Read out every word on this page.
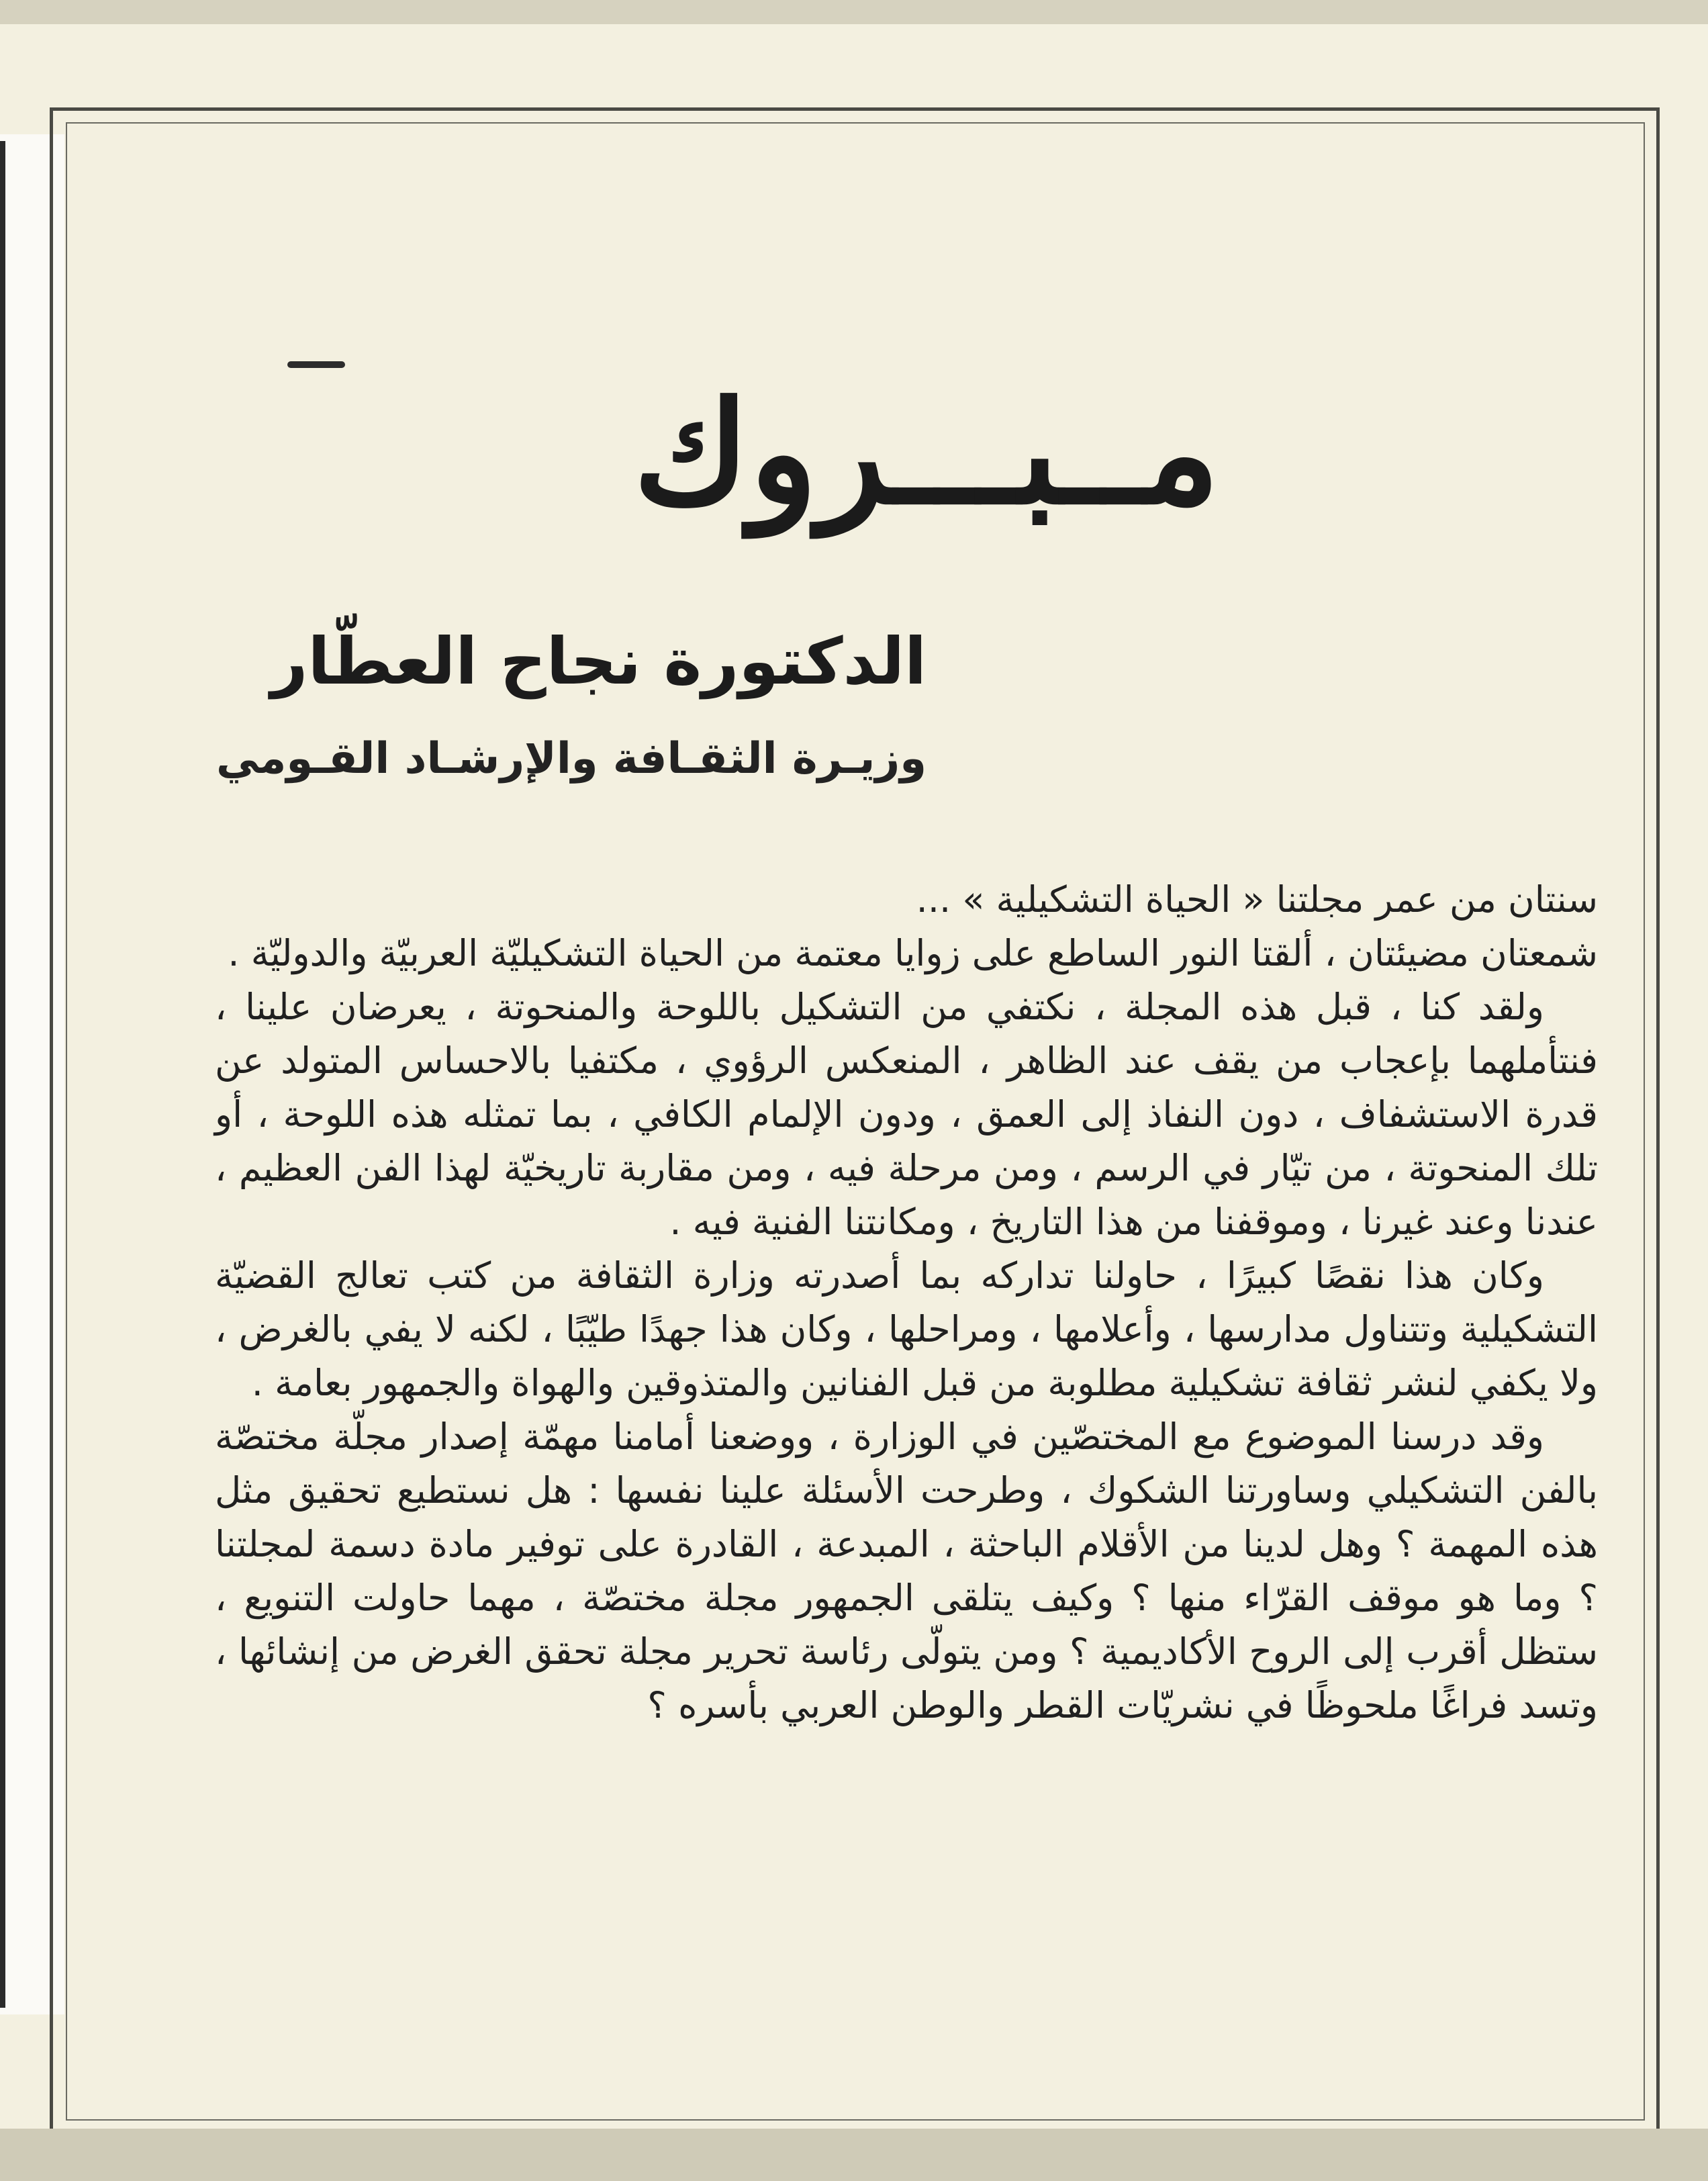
مــبـــروك
الدكتورة نجاح العطّار
وزيـرة الثقـافة والإرشـاد القـومي

سنتان من عمر مجلتنا « الحياة التشكيلية » ...

شمعتان مضيئتان ، ألقتا النور الساطع على زوايا معتمة من الحياة التشكيليّة العربيّة والدوليّة .

ولقد كنا ، قبل هذه المجلة ، نكتفي من التشكيل باللوحة والمنحوتة ، يعرضان علينا ، فنتأملهما بإعجاب من يقف عند الظاهر ، المنعكس الرؤوي ، مكتفيا بالاحساس المتولد عن قدرة الاستشفاف ، دون النفاذ إلى العمق ، ودون الإلمام الكافي ، بما تمثله هذه اللوحة ، أو تلك المنحوتة ، من تيّار في الرسم ، ومن مرحلة فيه ، ومن مقاربة تاريخيّة لهذا الفن العظيم ، عندنا وعند غيرنا ، وموقفنا من هذا التاريخ ، ومكانتنا الفنية فيه .

وكان هذا نقصًا كبيرًا ، حاولنا تداركه بما أصدرته وزارة الثقافة من كتب تعالج القضيّة التشكيلية وتتناول مدارسها ، وأعلامها ، ومراحلها ، وكان هذا جهدًا طيّبًا ، لكنه لا يفي بالغرض ، ولا يكفي لنشر ثقافة تشكيلية مطلوبة من قبل الفنانين والمتذوقين والهواة والجمهور بعامة .

وقد درسنا الموضوع مع المختصّين في الوزارة ، ووضعنا أمامنا مهمّة إصدار مجلّة مختصّة بالفن التشكيلي وساورتنا الشكوك ، وطرحت الأسئلة علينا نفسها : هل نستطيع تحقيق مثل هذه المهمة ؟ وهل لدينا من الأقلام الباحثة ، المبدعة ، القادرة على توفير مادة دسمة لمجلتنا ؟ وما هو موقف القرّاء منها ؟ وكيف يتلقى الجمهور مجلة مختصّة ، مهما حاولت التنويع ، ستظل أقرب إلى الروح الأكاديمية ؟ ومن يتولّى رئاسة تحرير مجلة تحقق الغرض من إنشائها ، وتسد فراغًا ملحوظًا في نشريّات القطر والوطن العربي بأسره ؟
